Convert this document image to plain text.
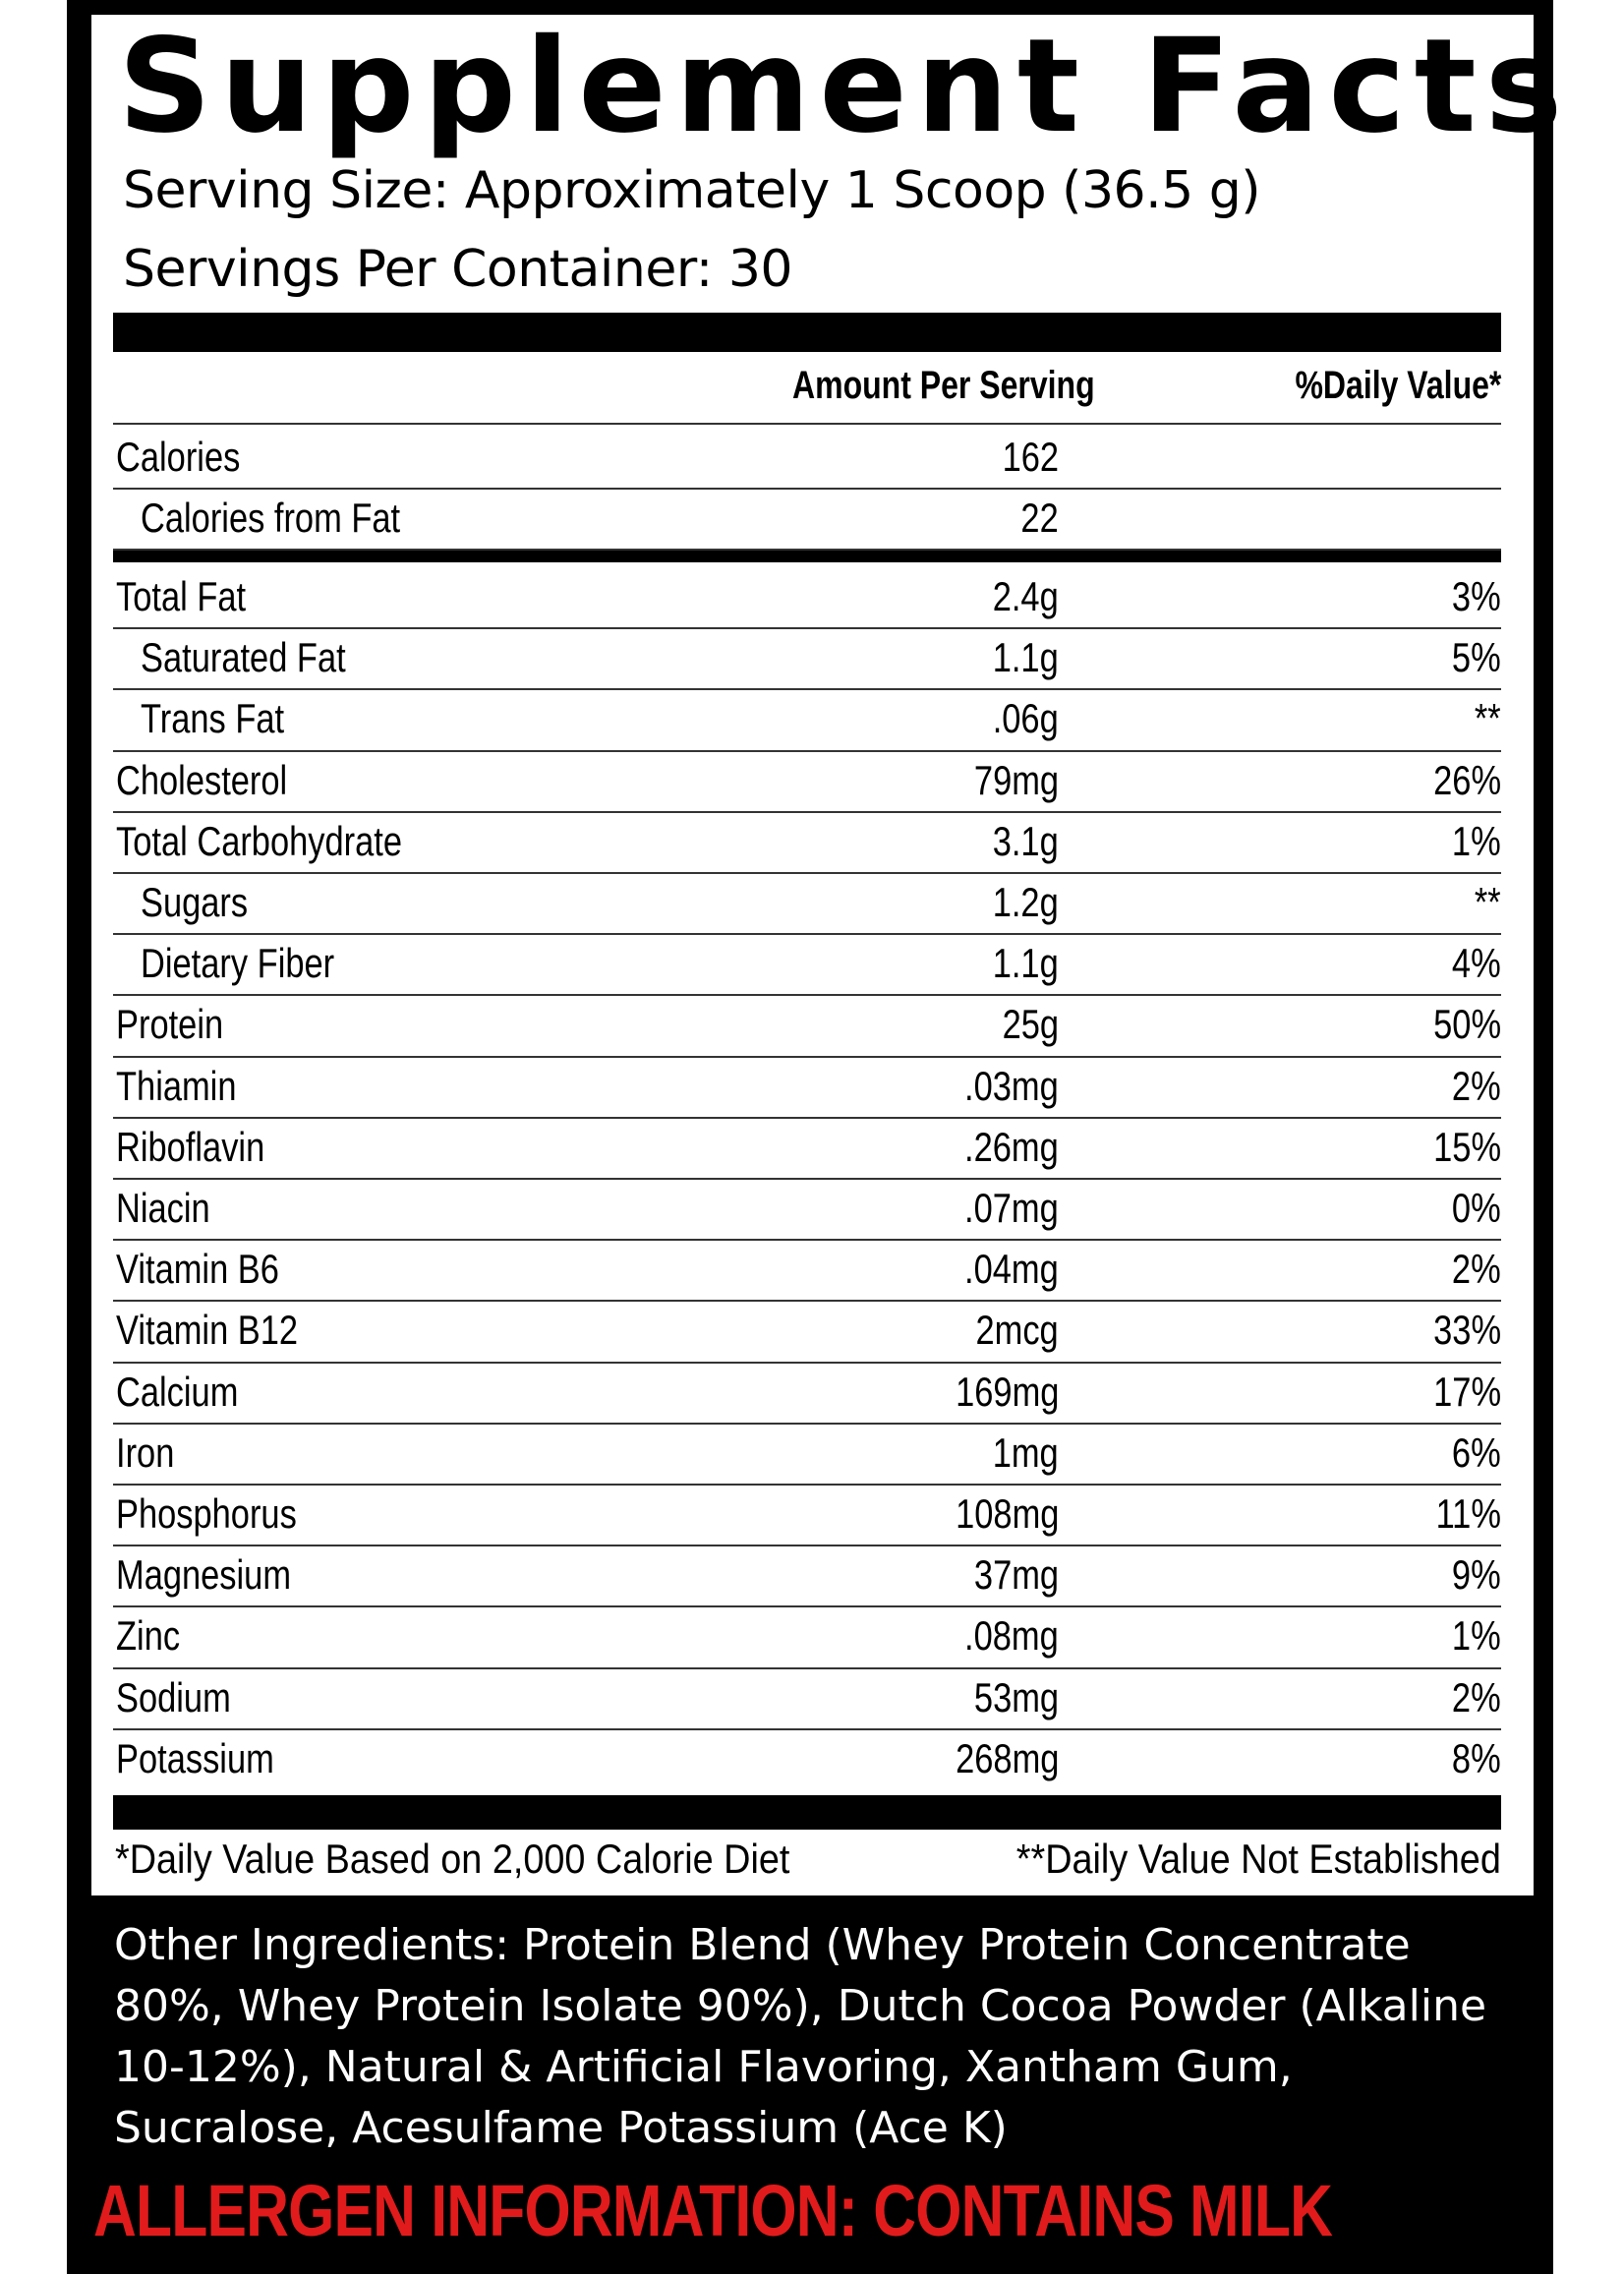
Supplement Facts
Serving Size: Approximately 1 Scoop (36.5 g)
Servings Per Container: 30
Amount Per Serving	%Daily Value*
Calories	162
Calories from Fat	22
Total Fat	2.4g	3%
Saturated Fat	1.1g	5%
Trans Fat	.06g	**
Cholesterol	79mg	26%
Total Carbohydrate	3.1g	1%
Sugars	1.2g	**
Dietary Fiber	1.1g	4%
Protein	25g	50%
Thiamin	.03mg	2%
Riboflavin	.26mg	15%
Niacin	.07mg	0%
Vitamin B6	.04mg	2%
Vitamin B12	2mcg	33%
Calcium	169mg	17%
Iron	1mg	6%
Phosphorus	108mg	11%
Magnesium	37mg	9%
Zinc	.08mg	1%
Sodium	53mg	2%
Potassium	268mg	8%
*Daily Value Based on 2,000 Calorie Diet	**Daily Value Not Established
Other Ingredients: Protein Blend (Whey Protein Concentrate 80%, Whey Protein Isolate 90%), Dutch Cocoa Powder (Alkaline 10-12%), Natural & Artificial Flavoring, Xantham Gum, Sucralose, Acesulfame Potassium (Ace K)
ALLERGEN INFORMATION: CONTAINS MILK
